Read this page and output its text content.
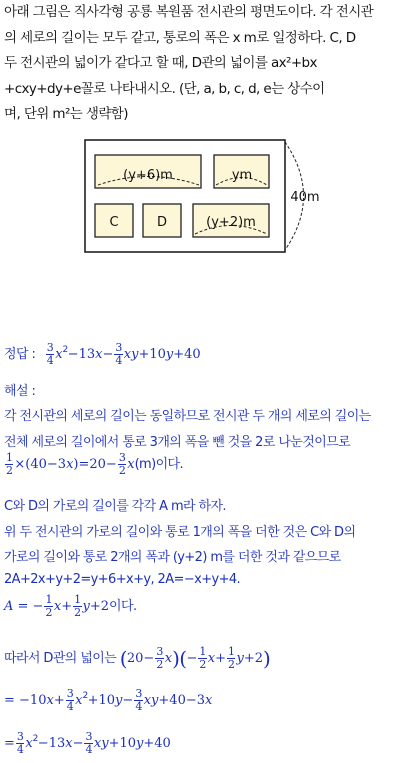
아래 그림은 직사각형 공룡 복원품 전시관의 평면도이다. 각 전시관
의 세로의 길이는 모두 같고, 통로의 폭은 x m로 일정하다. C, D
두 전시관의 넓이가 같다고 할 때, D관의 넓이를 ax²+bx
+cxy+dy+e꼴로 나타내시오. (단, a, b, c, d, e는 상수이
며, 단위 m²는 생략함)
(y+6)m	ym
C	D	(y+2)m
40m
정답 : $\frac{3}{4} x^2-13x- \frac{3}{4} xy+10y+40$
해설 :
각 전시관의 세로의 길이는 동일하므로 전시관 두 개의 세로의 길이는
전체 세로의 길이에서 통로 3개의 폭을 뺀 것을 2로 나눈것이므로
$\frac{1}{2} \times(40-3x)=20- \frac{3}{2} x(m)$이다.
C와 D의 가로의 길이를 각각 A m라 하자.
위 두 전시관의 가로의 길이와 통로 1개의 폭을 더한 것은 C와 D의
가로의 길이와 통로 2개의 폭과 (y+2) m를 더한 것과 같으므로
2A+2x+y+2=y+6+x+y, 2A=−x+y+4.
A = − $\frac{1}{2} x+ \frac{1}{2} y+2$이다.
따라서 D관의 넓이는 $(20- \frac{3}{2} x)(- \frac{1}{2} x+ \frac{1}{2} y+2)$
= $-10x+ \frac{3}{4} x^2+10y- \frac{3}{4} xy+40-3x$
= $\frac{3}{4} x^2-13x- \frac{3}{4} xy+10y+40$
